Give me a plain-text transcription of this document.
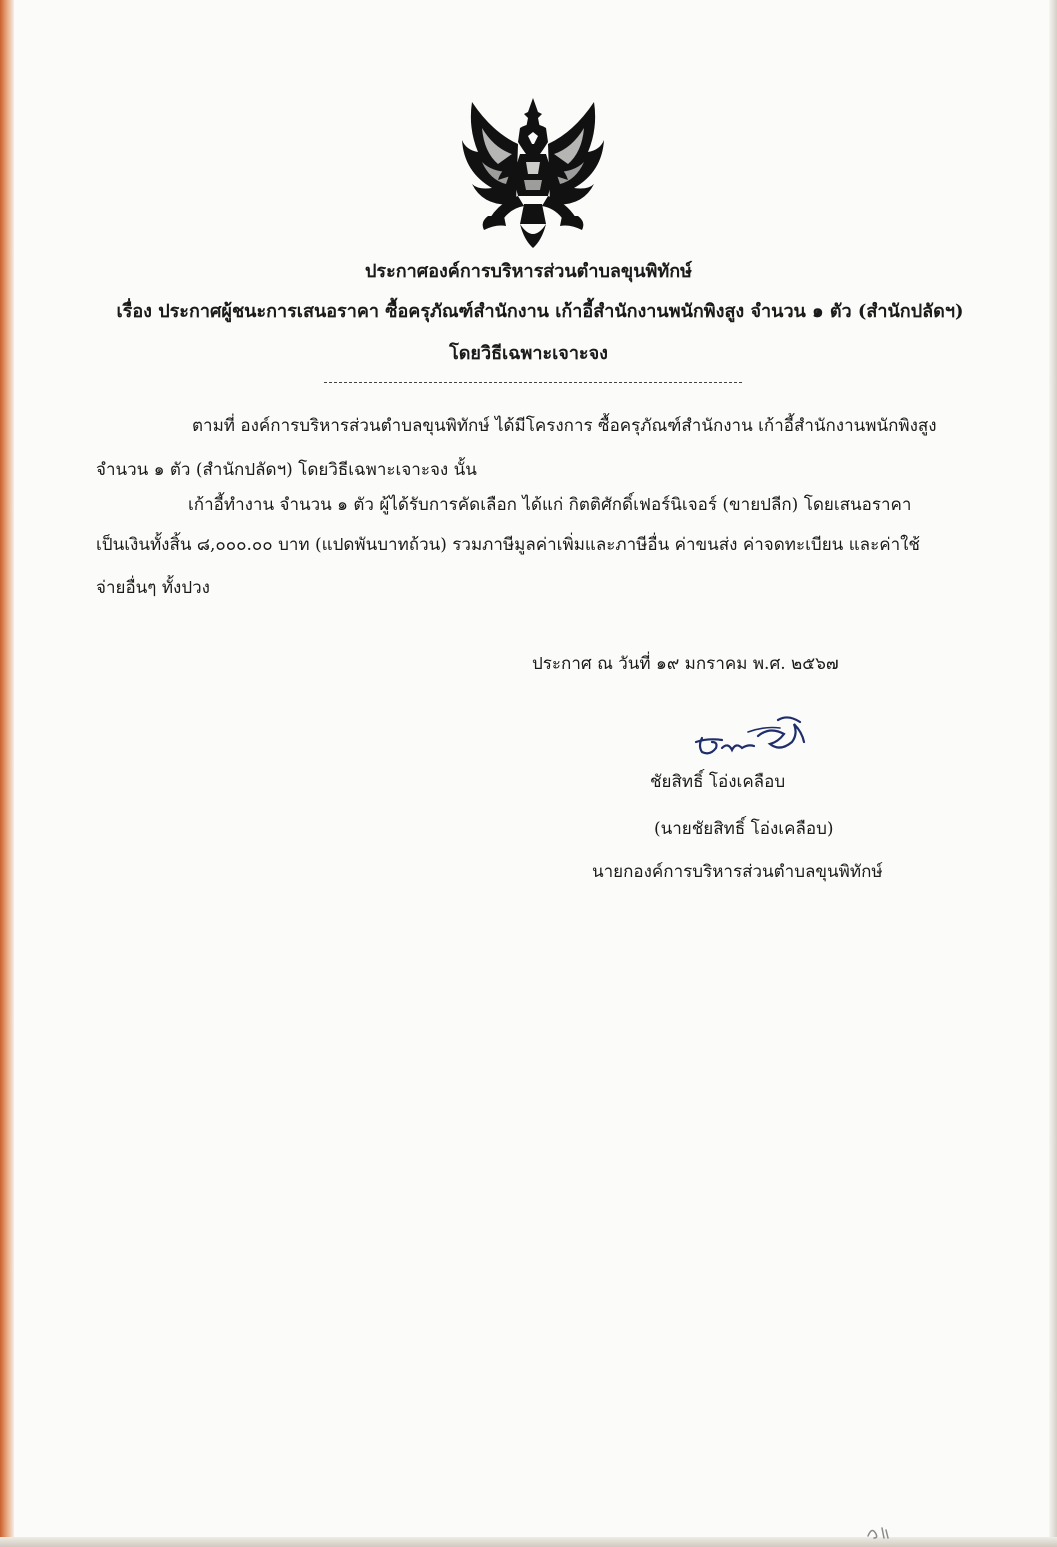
ประกาศองค์การบริหารส่วนตำบลขุนพิทักษ์
เรื่อง ประกาศผู้ชนะการเสนอราคา ซื้อครุภัณฑ์สำนักงาน เก้าอี้สำนักงานพนักพิงสูง จำนวน ๑ ตัว (สำนักปลัดฯ)
โดยวิธีเฉพาะเจาะจง
ตามที่ องค์การบริหารส่วนตำบลขุนพิทักษ์ ได้มีโครงการ ซื้อครุภัณฑ์สำนักงาน เก้าอี้สำนักงานพนักพิงสูง
จำนวน ๑ ตัว (สำนักปลัดฯ) โดยวิธีเฉพาะเจาะจง นั้น
เก้าอี้ทำงาน จำนวน ๑ ตัว ผู้ได้รับการคัดเลือก ได้แก่ กิตติศักดิ์เฟอร์นิเจอร์ (ขายปลีก) โดยเสนอราคา
เป็นเงินทั้งสิ้น ๘,๐๐๐.๐๐ บาท (แปดพันบาทถ้วน) รวมภาษีมูลค่าเพิ่มและภาษีอื่น ค่าขนส่ง ค่าจดทะเบียน และค่าใช้
จ่ายอื่นๆ ทั้งปวง
ประกาศ ณ วันที่ ๑๙ มกราคม พ.ศ. ๒๕๖๗
ชัยสิทธิ์ โอ่งเคลือบ
(นายชัยสิทธิ์ โอ่งเคลือบ)
นายกองค์การบริหารส่วนตำบลขุนพิทักษ์
